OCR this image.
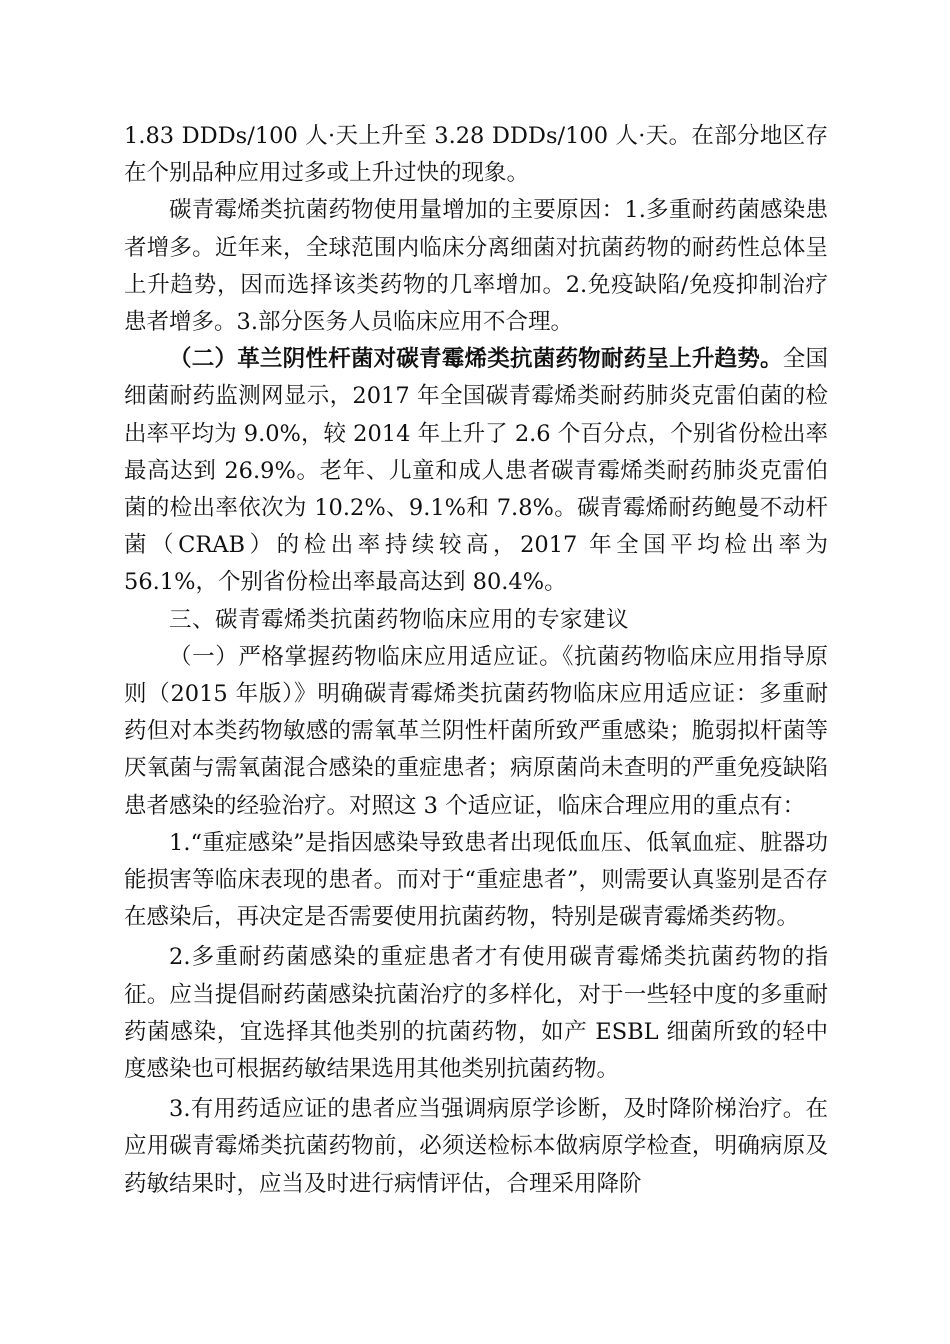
1.83 DDDs/100 人·天上升至 3.28 DDDs/100 人·天。在部分地区存在个别品种应用过多或上升过快的现象。

碳青霉烯类抗菌药物使用量增加的主要原因：1.多重耐药菌感染患者增多。近年来，全球范围内临床分离细菌对抗菌药物的耐药性总体呈上升趋势，因而选择该类药物的几率增加。2.免疫缺陷/免疫抑制治疗患者增多。3.部分医务人员临床应用不合理。

（二）革兰阴性杆菌对碳青霉烯类抗菌药物耐药呈上升趋势。全国细菌耐药监测网显示，2017 年全国碳青霉烯类耐药肺炎克雷伯菌的检出率平均为 9.0%，较 2014 年上升了 2.6 个百分点，个别省份检出率最高达到 26.9%。老年、儿童和成人患者碳青霉烯类耐药肺炎克雷伯菌的检出率依次为 10.2%、9.1%和 7.8%。碳青霉烯耐药鲍曼不动杆菌（CRAB）的检出率持续较高，2017 年全国平均检出率为 56.1%，个别省份检出率最高达到 80.4%。

三、碳青霉烯类抗菌药物临床应用的专家建议

（一）严格掌握药物临床应用适应证。《抗菌药物临床应用指导原则（2015 年版）》明确碳青霉烯类抗菌药物临床应用适应证：多重耐药但对本类药物敏感的需氧革兰阴性杆菌所致严重感染；脆弱拟杆菌等厌氧菌与需氧菌混合感染的重症患者；病原菌尚未查明的严重免疫缺陷患者感染的经验治疗。对照这 3 个适应证，临床合理应用的重点有：

1.“重症感染”是指因感染导致患者出现低血压、低氧血症、脏器功能损害等临床表现的患者。而对于“重症患者”，则需要认真鉴别是否存在感染后，再决定是否需要使用抗菌药物，特别是碳青霉烯类药物。

2.多重耐药菌感染的重症患者才有使用碳青霉烯类抗菌药物的指征。应当提倡耐药菌感染抗菌治疗的多样化，对于一些轻中度的多重耐药菌感染，宜选择其他类别的抗菌药物，如产 ESBL 细菌所致的轻中度感染也可根据药敏结果选用其他类别抗菌药物。

3.有用药适应证的患者应当强调病原学诊断，及时降阶梯治疗。在应用碳青霉烯类抗菌药物前，必须送检标本做病原学检查，明确病原及药敏结果时，应当及时进行病情评估，合理采用降阶
